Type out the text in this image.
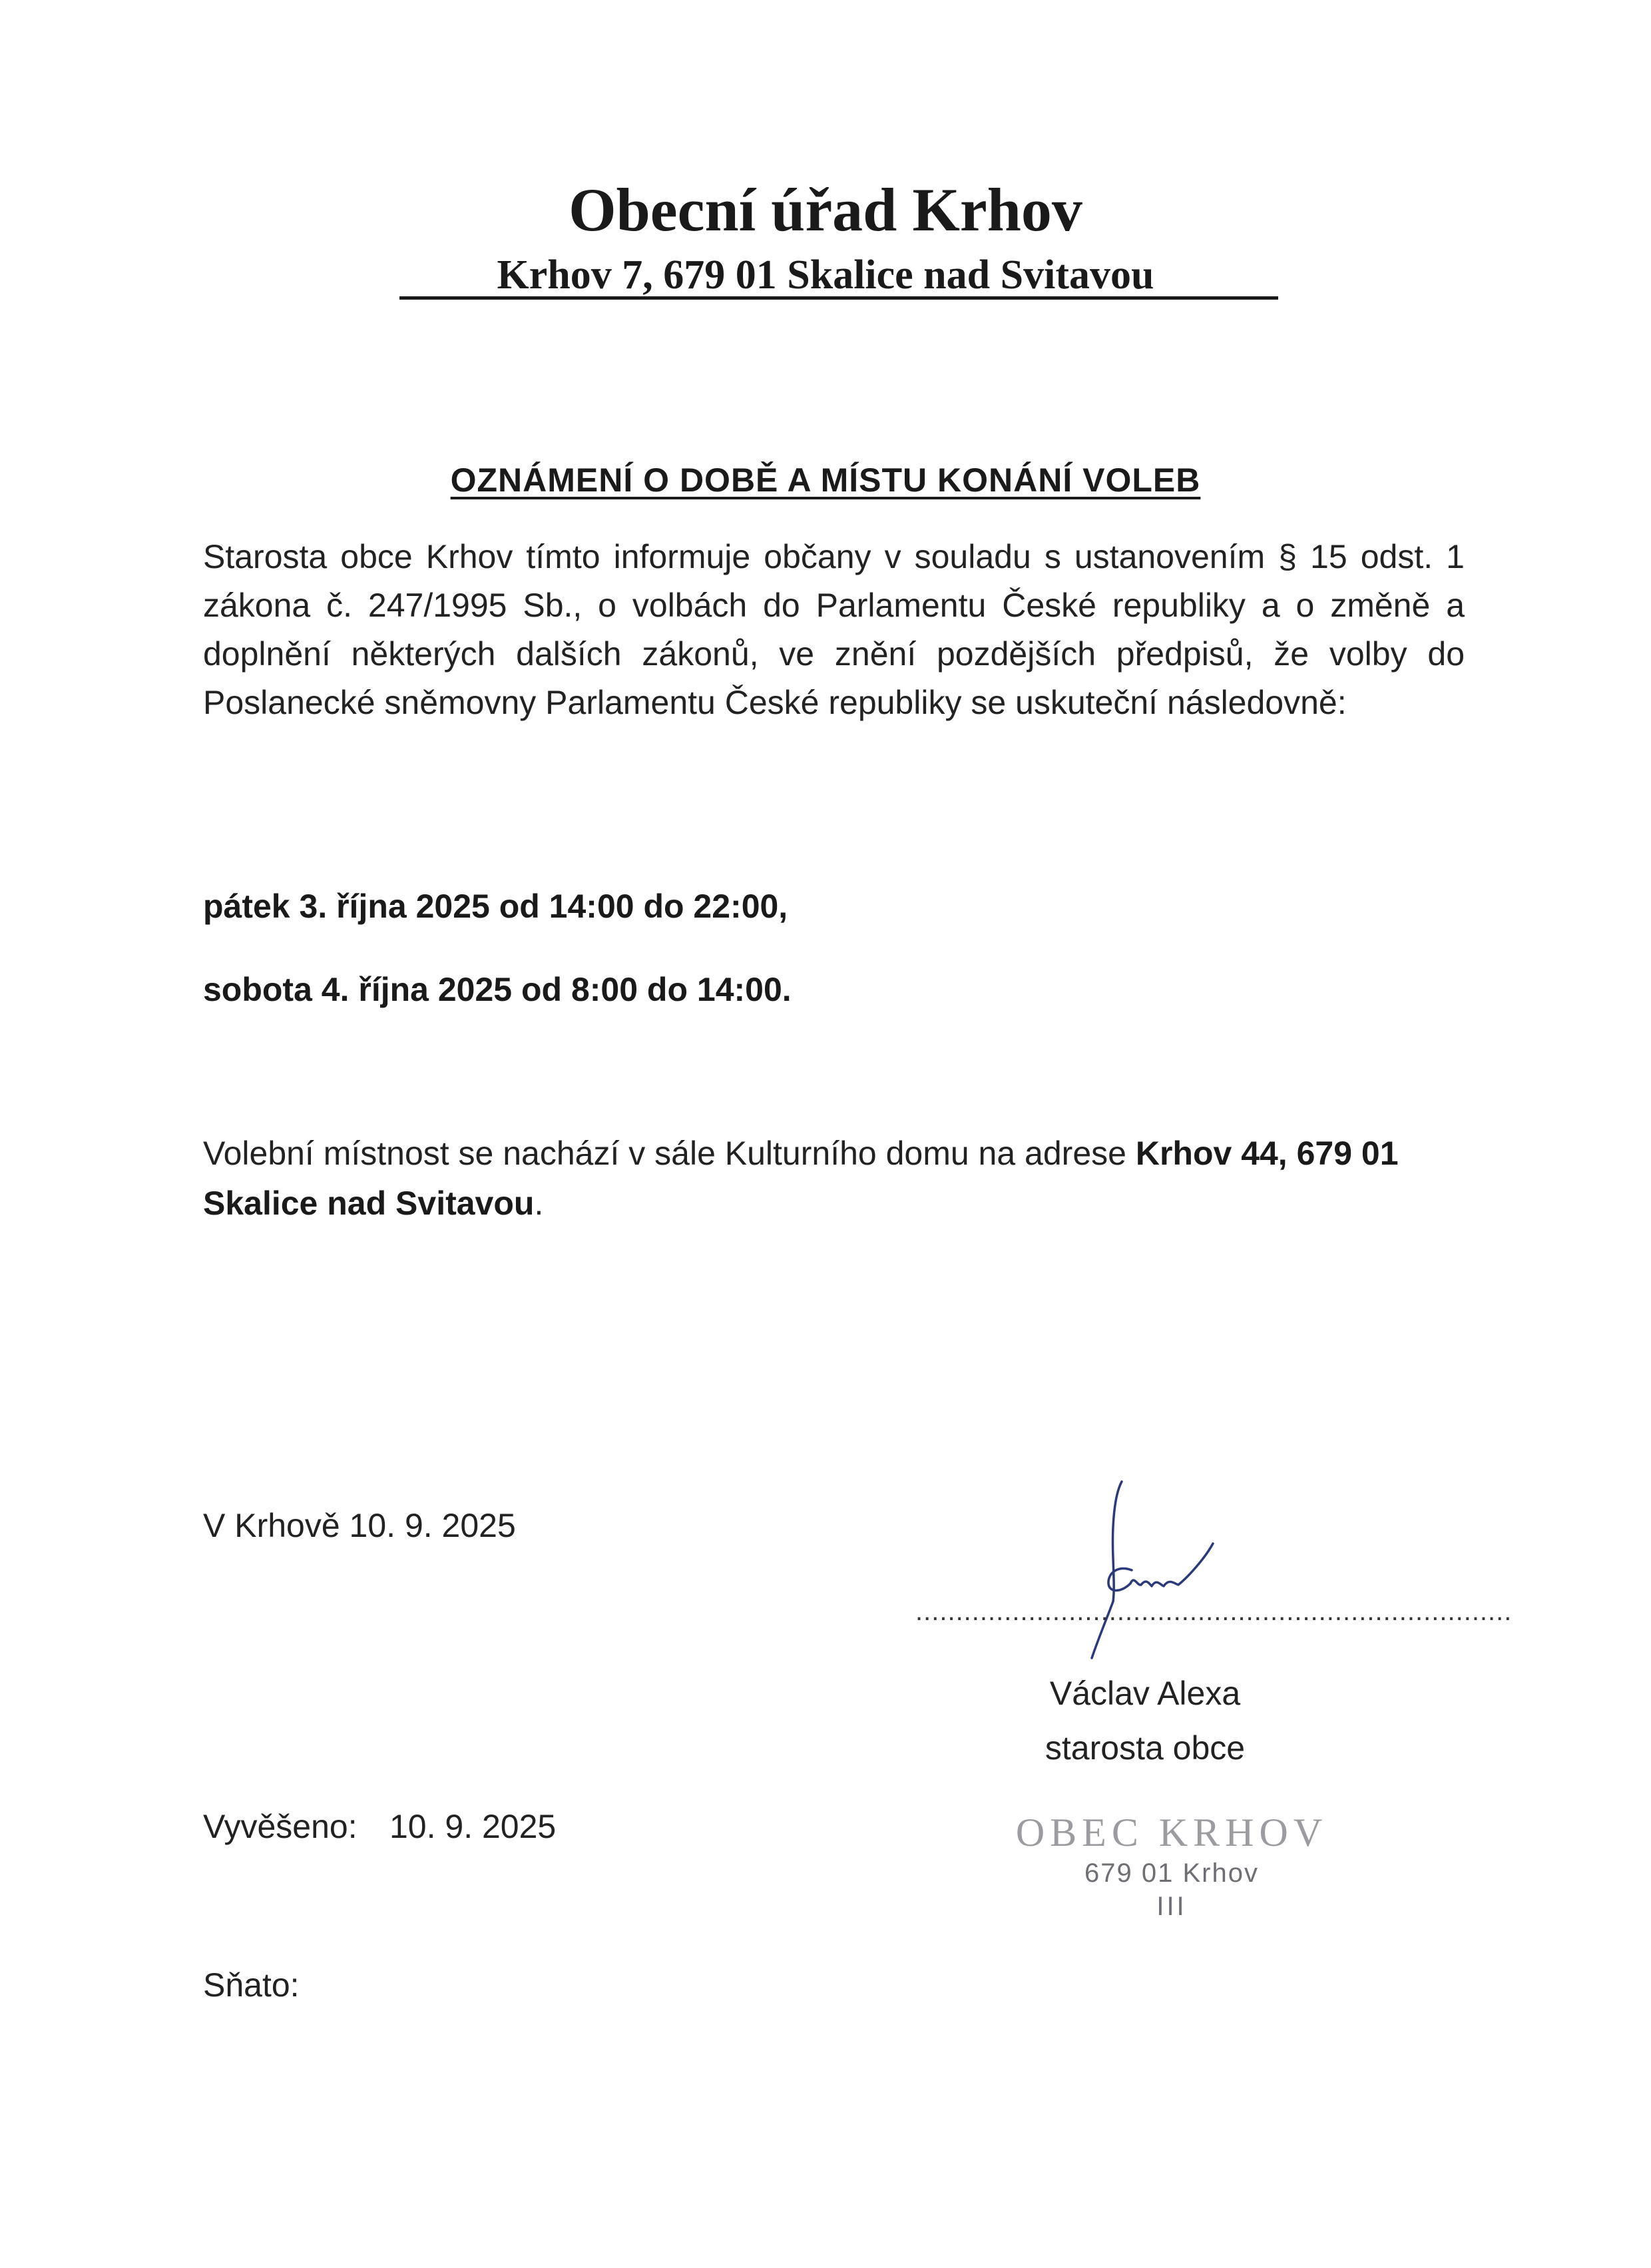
Obecní úřad Krhov
Krhov 7, 679 01 Skalice nad Svitavou
OZNÁMENÍ O DOBĚ A MÍSTU KONÁNÍ VOLEB
Starosta obce Krhov tímto informuje občany v souladu s ustanovením § 15 odst. 1 zákona č. 247/1995 Sb., o volbách do Parlamentu České republiky a o změně a doplnění některých dalších zákonů, ve znění pozdějších předpisů, že volby do Poslanecké sněmovny Parlamentu České republiky se uskuteční následovně:
pátek 3. října 2025 od 14:00 do 22:00,
sobota 4. října 2025 od 8:00 do 14:00.
Volební místnost se nachází v sále Kulturního domu na adrese Krhov 44, 679 01 Skalice nad Svitavou.
V Krhově 10. 9. 2025
..........................................................................
Václav Alexa
starosta obce
Vyvěšeno: 10. 9. 2025	OBEC KRHOV
679 01 Krhov
III
Sňato:
